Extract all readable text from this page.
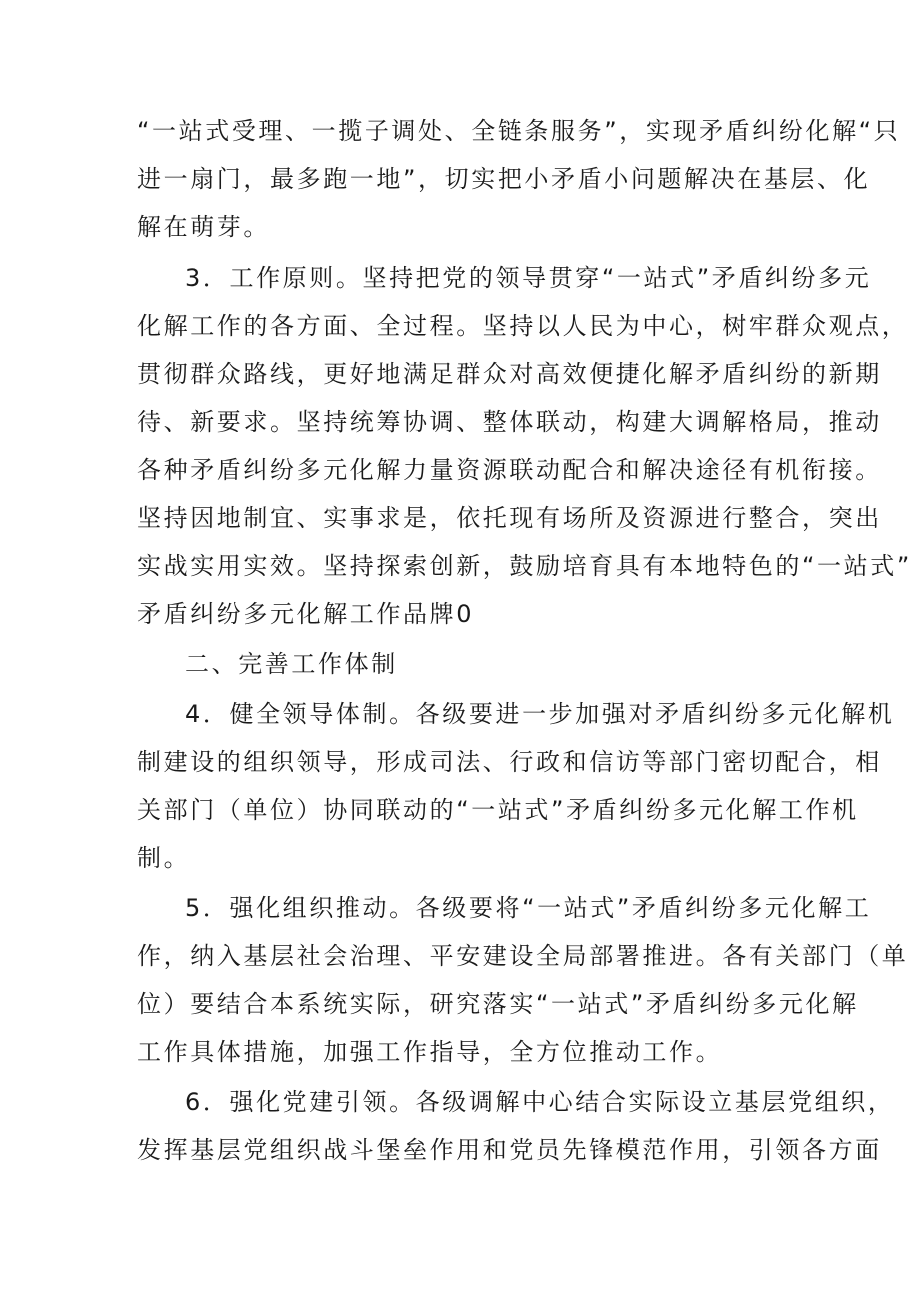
“一站式受理、一揽子调处、全链条服务”，实现矛盾纠纷化解“只
进一扇门，最多跑一地”，切实把小矛盾小问题解决在基层、化
解在萌芽。
3．工作原则。坚持把党的领导贯穿“一站式”矛盾纠纷多元
化解工作的各方面、全过程。坚持以人民为中心，树牢群众观点，
贯彻群众路线，更好地满足群众对高效便捷化解矛盾纠纷的新期
待、新要求。坚持统筹协调、整体联动，构建大调解格局，推动
各种矛盾纠纷多元化解力量资源联动配合和解决途径有机衔接。
坚持因地制宜、实事求是，依托现有场所及资源进行整合，突出
实战实用实效。坚持探索创新，鼓励培育具有本地特色的“一站式”
矛盾纠纷多元化解工作品牌0
二、完善工作体制
4．健全领导体制。各级要进一步加强对矛盾纠纷多元化解机
制建设的组织领导，形成司法、行政和信访等部门密切配合，相
关部门（单位）协同联动的“一站式”矛盾纠纷多元化解工作机
制。
5．强化组织推动。各级要将“一站式”矛盾纠纷多元化解工
作，纳入基层社会治理、平安建设全局部署推进。各有关部门（单
位）要结合本系统实际，研究落实“一站式”矛盾纠纷多元化解
工作具体措施，加强工作指导，全方位推动工作。
6．强化党建引领。各级调解中心结合实际设立基层党组织，
发挥基层党组织战斗堡垒作用和党员先锋模范作用，引领各方面
